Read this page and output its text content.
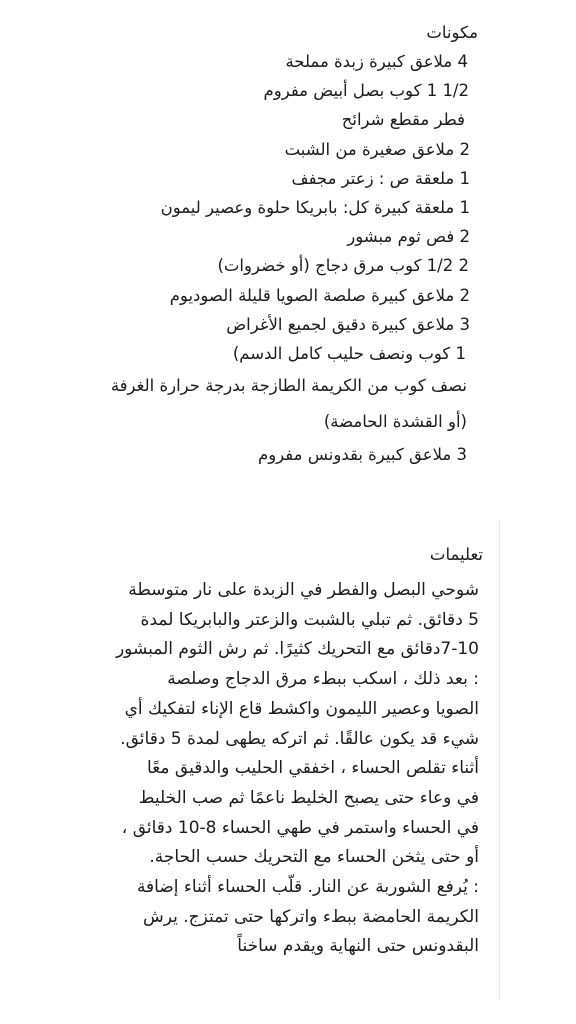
مكونات
4 ملاعق كبيرة زبدة مملحة
1/2 1 كوب بصل أبيض مفروم
فطر مقطع شرائح
2 ملاعق صغيرة من الشبت
1 ملعقة ص : زعتر مجفف
1 ملعقة كبيرة كل: بابريكا حلوة وعصير ليمون
2 فص ثوم مبشور
2 1/2 كوب مرق دجاج (أو خضروات)
2 ملاعق كبيرة صلصة الصويا قليلة الصوديوم
3 ملاعق كبيرة دقيق لجميع الأغراض
1 كوب ونصف حليب كامل الدسم)
نصف كوب من الكريمة الطازجة بدرجة حرارة الغرفة (أو القشدة الحامضة)
3 ملاعق كبيرة بقدونس مفروم
تعليمات

شوحي البصل والفطر في الزبدة على نار متوسطة
5 دقائق. ثم تبلي بالشبت والزعتر والبابريكا لمدة
7-10دقائق مع التحريك كثيرًا. ثم رش الثوم المبشور
: بعد ذلك ، اسكب ببطء مرق الدجاج وصلصة
الصويا وعصير الليمون واكشط قاع الإناء لتفكيك أي
شيء قد يكون عالقًا. ثم اتركه يطهى لمدة 5 دقائق.
أثناء تقلص الحساء ، اخفقي الحليب والدقيق معًا
في وعاء حتى يصبح الخليط ناعمًا ثم صب الخليط
في الحساء واستمر في طهي الحساء 8-10 دقائق ،
أو حتى يثخن الحساء مع التحريك حسب الحاجة.
: يُرفع الشوربة عن النار. قلّب الحساء أثناء إضافة
الكريمة الحامضة ببطء واتركها حتى تمتزج. يرش
البقدونس حتى النهاية ويقدم ساخناً
